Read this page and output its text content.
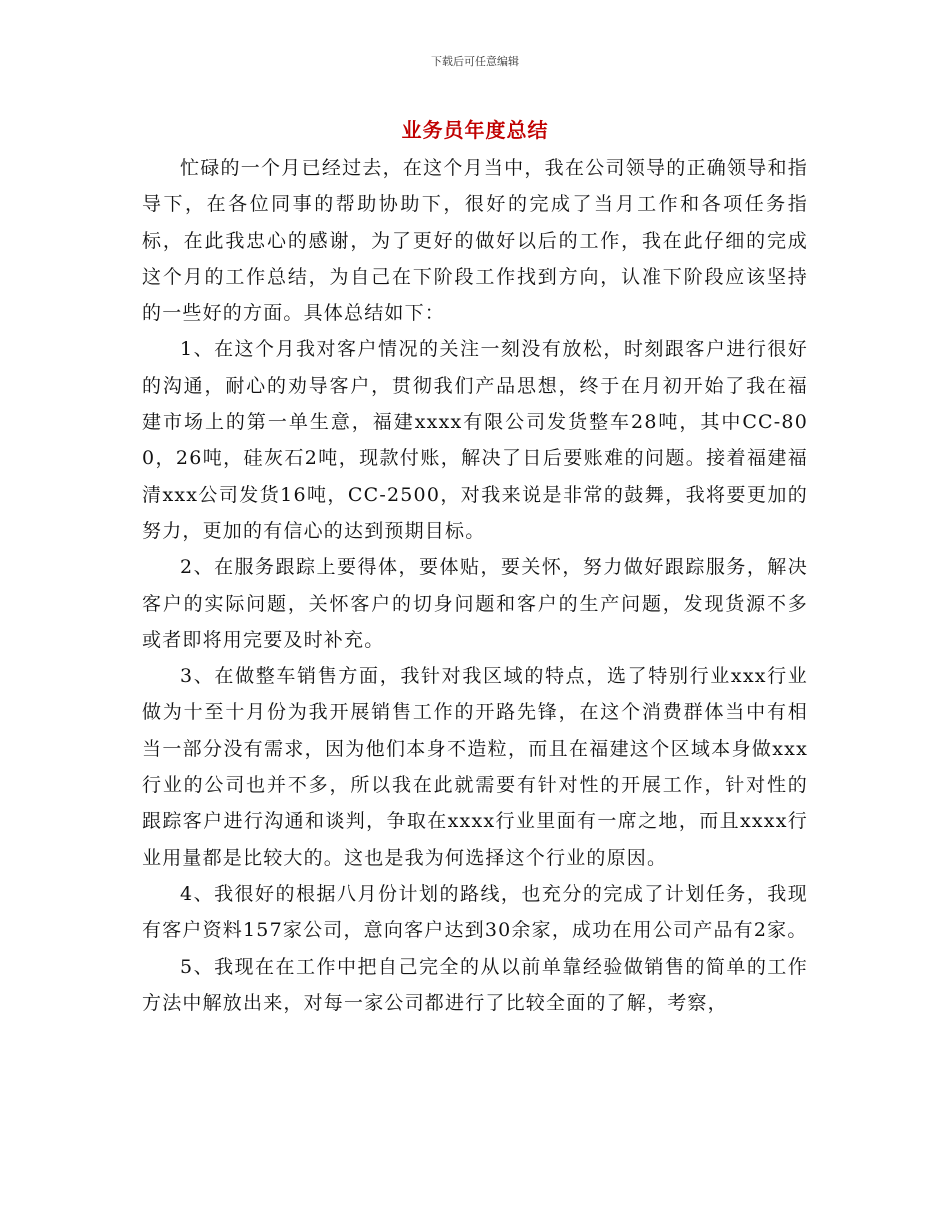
下载后可任意编辑
业务员年度总结

忙碌的一个月已经过去，在这个月当中，我在公司领导的正确领导和指导下，在各位同事的帮助协助下，很好的完成了当月工作和各项任务指标，在此我忠心的感谢，为了更好的做好以后的工作，我在此仔细的完成这个月的工作总结，为自己在下阶段工作找到方向，认准下阶段应该坚持的一些好的方面。具体总结如下：

1、在这个月我对客户情况的关注一刻没有放松，时刻跟客户进行很好的沟通，耐心的劝导客户，贯彻我们产品思想，终于在月初开始了我在福建市场上的第一单生意，福建xxxx有限公司发货整车28吨，其中CC-800，26吨，硅灰石2吨，现款付账，解决了日后要账难的问题。接着福建福清xxx公司发货16吨，CC-2500，对我来说是非常的鼓舞，我将要更加的努力，更加的有信心的达到预期目标。

2、在服务跟踪上要得体，要体贴，要关怀，努力做好跟踪服务，解决客户的实际问题，关怀客户的切身问题和客户的生产问题，发现货源不多或者即将用完要及时补充。

3、在做整车销售方面，我针对我区域的特点，选了特别行业xxx行业做为十至十月份为我开展销售工作的开路先锋，在这个消费群体当中有相当一部分没有需求，因为他们本身不造粒，而且在福建这个区域本身做xxx行业的公司也并不多，所以我在此就需要有针对性的开展工作，针对性的跟踪客户进行沟通和谈判，争取在xxxx行业里面有一席之地，而且xxxx行业用量都是比较大的。这也是我为何选择这个行业的原因。

4、我很好的根据八月份计划的路线，也充分的完成了计划任务，我现有客户资料157家公司，意向客户达到30余家，成功在用公司产品有2家。

5、我现在在工作中把自己完全的从以前单靠经验做销售的简单的工作方法中解放出来，对每一家公司都进行了比较全面的了解，考察，
